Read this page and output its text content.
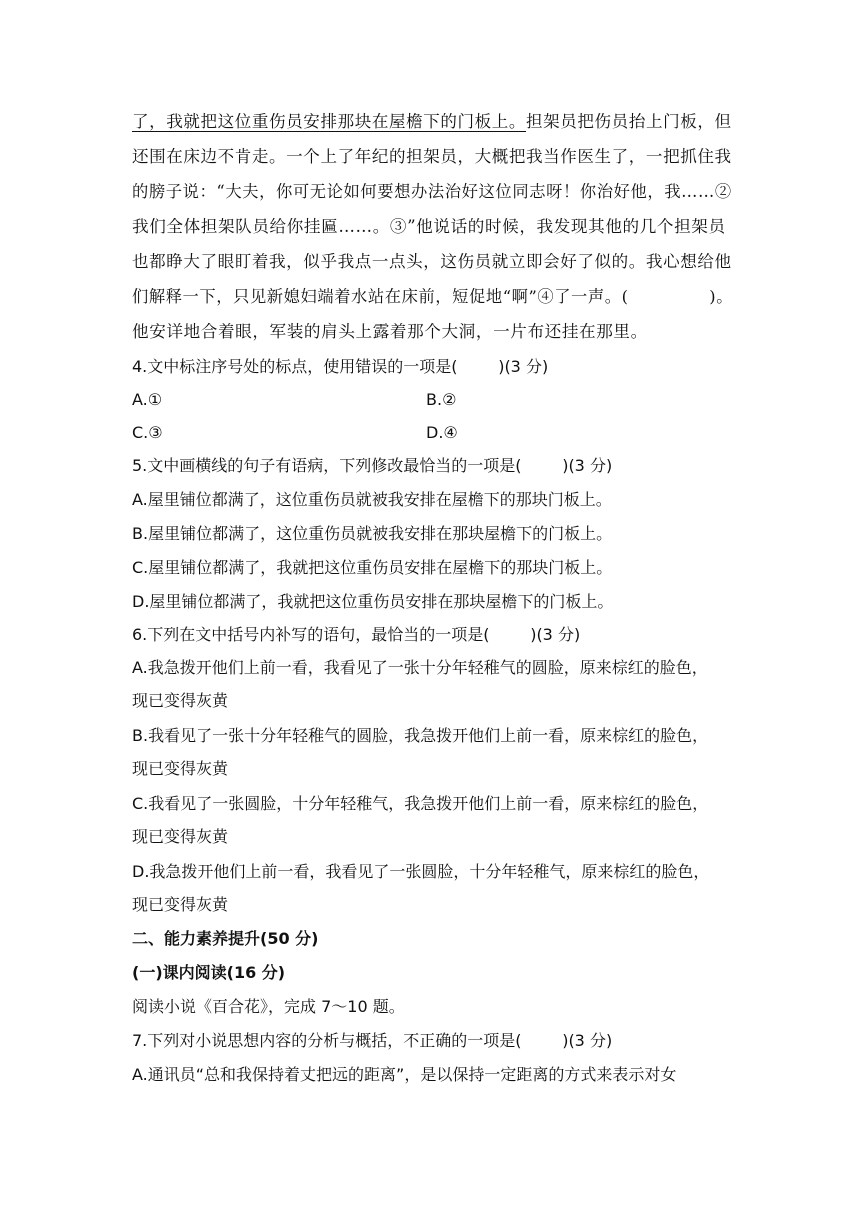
了，我就把这位重伤员安排那块在屋檐下的门板上。担架员把伤员抬上门板，但
还围在床边不肯走。一个上了年纪的担架员，大概把我当作医生了，一把抓住我
的膀子说：“大夫，你可无论如何要想办法治好这位同志呀！你治好他，我……②
我们全体担架队员给你挂匾……。③”他说话的时候，我发现其他的几个担架员
也都睁大了眼盯着我，似乎我点一点头，这伤员就立即会好了似的。我心想给他
们解释一下，只见新媳妇端着水站在床前，短促地“啊”④了一声。(              )。
他安详地合着眼，军装的肩头上露着那个大洞，一片布还挂在那里。
4.文中标注序号处的标点，使用错误的一项是(        )(3 分)
A.①	B.②
C.③	D.④
5.文中画横线的句子有语病，下列修改最恰当的一项是(        )(3 分)
A.屋里铺位都满了，这位重伤员就被我安排在屋檐下的那块门板上。
B.屋里铺位都满了，这位重伤员就被我安排在那块屋檐下的门板上。
C.屋里铺位都满了，我就把这位重伤员安排在屋檐下的那块门板上。
D.屋里铺位都满了，我就把这位重伤员安排在那块屋檐下的门板上。
6.下列在文中括号内补写的语句，最恰当的一项是(        )(3 分)
A.我急拨开他们上前一看，我看见了一张十分年轻稚气的圆脸，原来棕红的脸色，
现已变得灰黄
B.我看见了一张十分年轻稚气的圆脸，我急拨开他们上前一看，原来棕红的脸色，
现已变得灰黄
C.我看见了一张圆脸，十分年轻稚气，我急拨开他们上前一看，原来棕红的脸色，
现已变得灰黄
D.我急拨开他们上前一看，我看见了一张圆脸，十分年轻稚气，原来棕红的脸色，
现已变得灰黄
二、能力素养提升(50 分)
(一)课内阅读(16 分)
阅读小说《百合花》，完成 7～10 题。
7.下列对小说思想内容的分析与概括，不正确的一项是(        )(3 分)
A.通讯员“总和我保持着丈把远的距离”，是以保持一定距离的方式来表示对女
